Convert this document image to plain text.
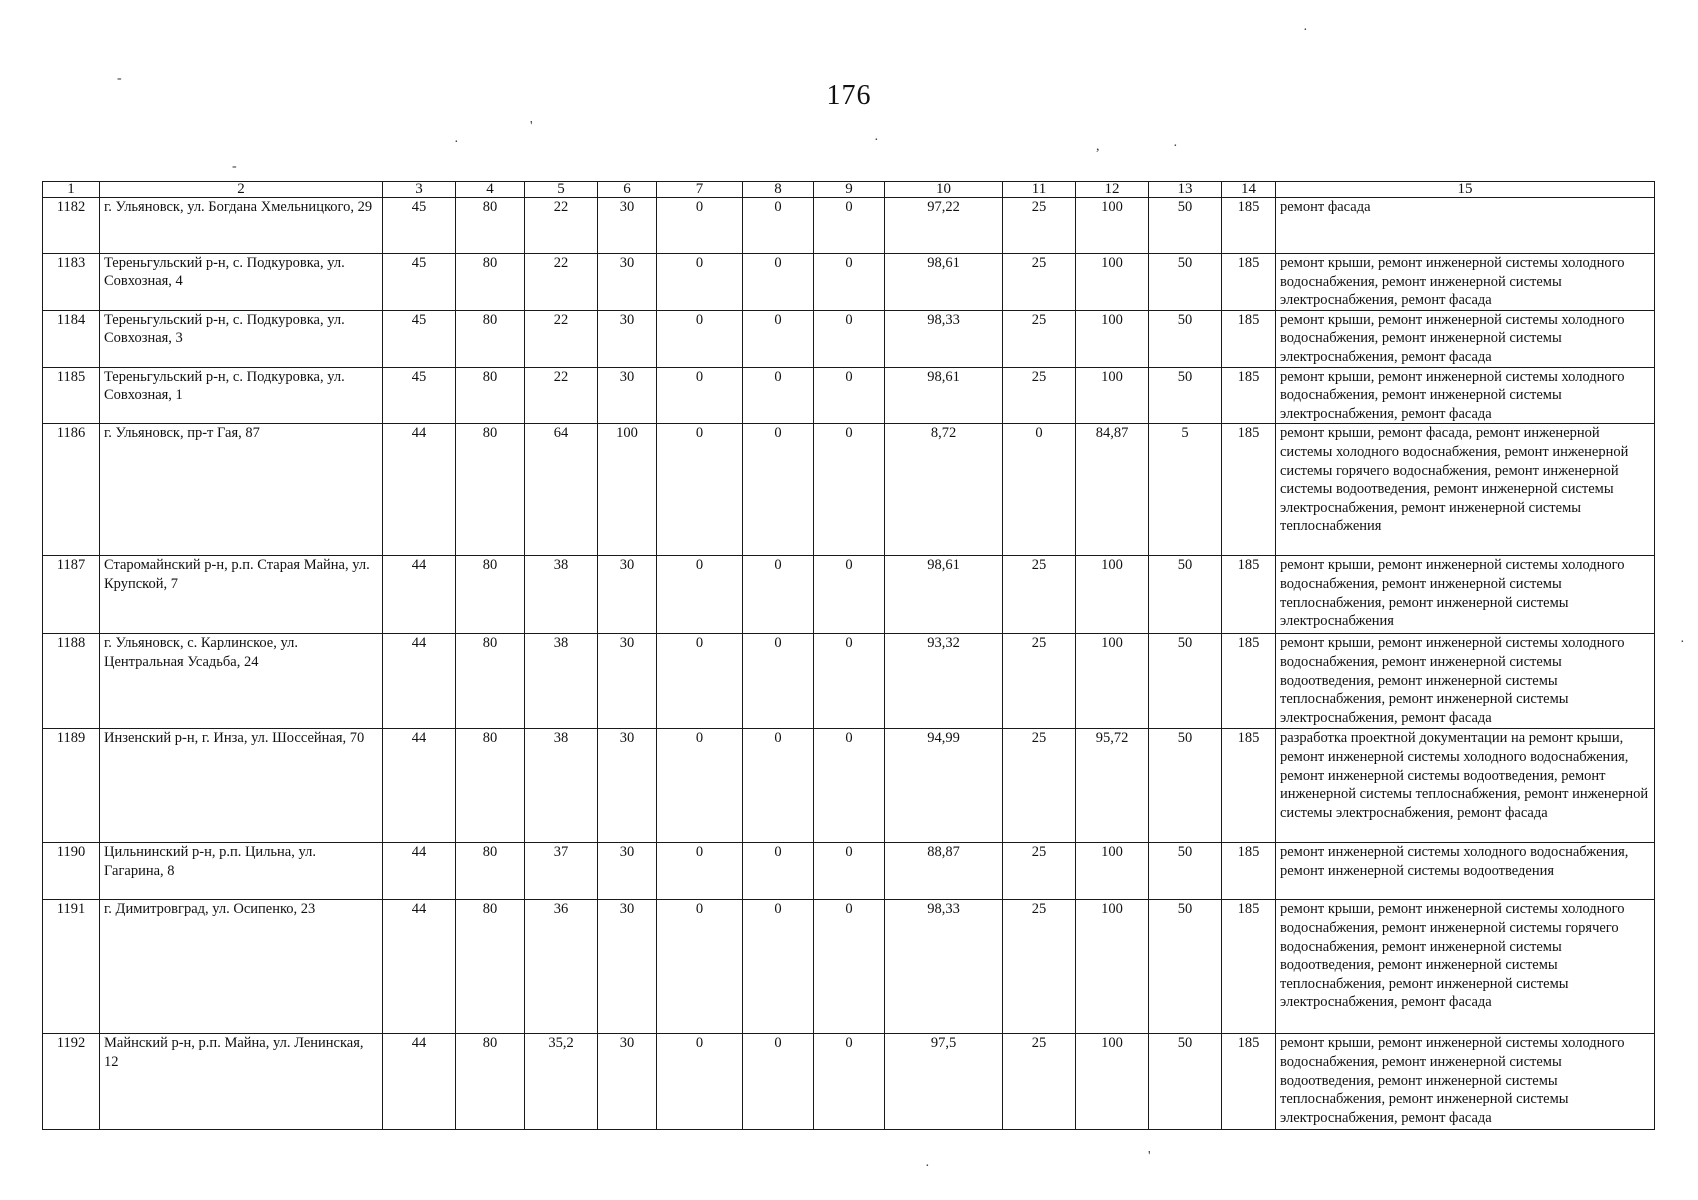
176
-
·
'
·	·	,	·
-
·
'
·
1	2	3	4	5	6	7	8	9	10	11	12	13	14	15
1182	г. Ульяновск, ул. Богдана Хмельницкого, 29	45	80	22	30	0	0	0	97,22	25	100	50	185	ремонт фасада
1183	Тереньгульский р-н, с. Подкуровка, ул. Совхозная, 4	45	80	22	30	0	0	0	98,61	25	100	50	185	ремонт крыши, ремонт инженерной системы холодного водоснабжения, ремонт инженерной системы электроснабжения, ремонт фасада
1184	Тереньгульский р-н, с. Подкуровка, ул. Совхозная, 3	45	80	22	30	0	0	0	98,33	25	100	50	185	ремонт крыши, ремонт инженерной системы холодного водоснабжения, ремонт инженерной системы электроснабжения, ремонт фасада
1185	Тереньгульский р-н, с. Подкуровка, ул. Совхозная, 1	45	80	22	30	0	0	0	98,61	25	100	50	185	ремонт крыши, ремонт инженерной системы холодного водоснабжения, ремонт инженерной системы электроснабжения, ремонт фасада
1186	г. Ульяновск, пр-т Гая, 87	44	80	64	100	0	0	0	8,72	0	84,87	5	185	ремонт крыши, ремонт фасада, ремонт инженерной системы холодного водоснабжения, ремонт инженерной системы горячего водоснабжения, ремонт инженерной системы водоотведения, ремонт инженерной системы электроснабжения, ремонт инженерной системы теплоснабжения
1187	Старомайнский р-н, р.п. Старая Майна, ул. Крупской, 7	44	80	38	30	0	0	0	98,61	25	100	50	185	ремонт крыши, ремонт инженерной системы холодного водоснабжения, ремонт инженерной системы теплоснабжения, ремонт инженерной системы электроснабжения
1188	г. Ульяновск, с. Карлинское, ул. Центральная Усадьба, 24	44	80	38	30	0	0	0	93,32	25	100	50	185	ремонт крыши, ремонт инженерной системы холодного водоснабжения, ремонт инженерной системы водоотведения, ремонт инженерной системы теплоснабжения, ремонт инженерной системы электроснабжения, ремонт фасада
1189	Инзенский р-н, г. Инза, ул. Шоссейная, 70	44	80	38	30	0	0	0	94,99	25	95,72	50	185	разработка проектной документации на ремонт крыши, ремонт инженерной системы холодного водоснабжения, ремонт инженерной системы водоотведения, ремонт инженерной системы теплоснабжения, ремонт инженерной системы электроснабжения, ремонт фасада
1190	Цильнинский р-н, р.п. Цильна, ул. Гагарина, 8	44	80	37	30	0	0	0	88,87	25	100	50	185	ремонт инженерной системы холодного водоснабжения, ремонт инженерной системы водоотведения
1191	г. Димитровград, ул. Осипенко, 23	44	80	36	30	0	0	0	98,33	25	100	50	185	ремонт крыши, ремонт инженерной системы холодного водоснабжения, ремонт инженерной системы горячего водоснабжения, ремонт инженерной системы водоотведения, ремонт инженерной системы теплоснабжения, ремонт инженерной системы электроснабжения, ремонт фасада
1192	Майнский р-н, р.п. Майна, ул. Ленинская, 12	44	80	35,2	30	0	0	0	97,5	25	100	50	185	ремонт крыши, ремонт инженерной системы холодного водоснабжения, ремонт инженерной системы водоотведения, ремонт инженерной системы теплоснабжения, ремонт инженерной системы электроснабжения, ремонт фасада
